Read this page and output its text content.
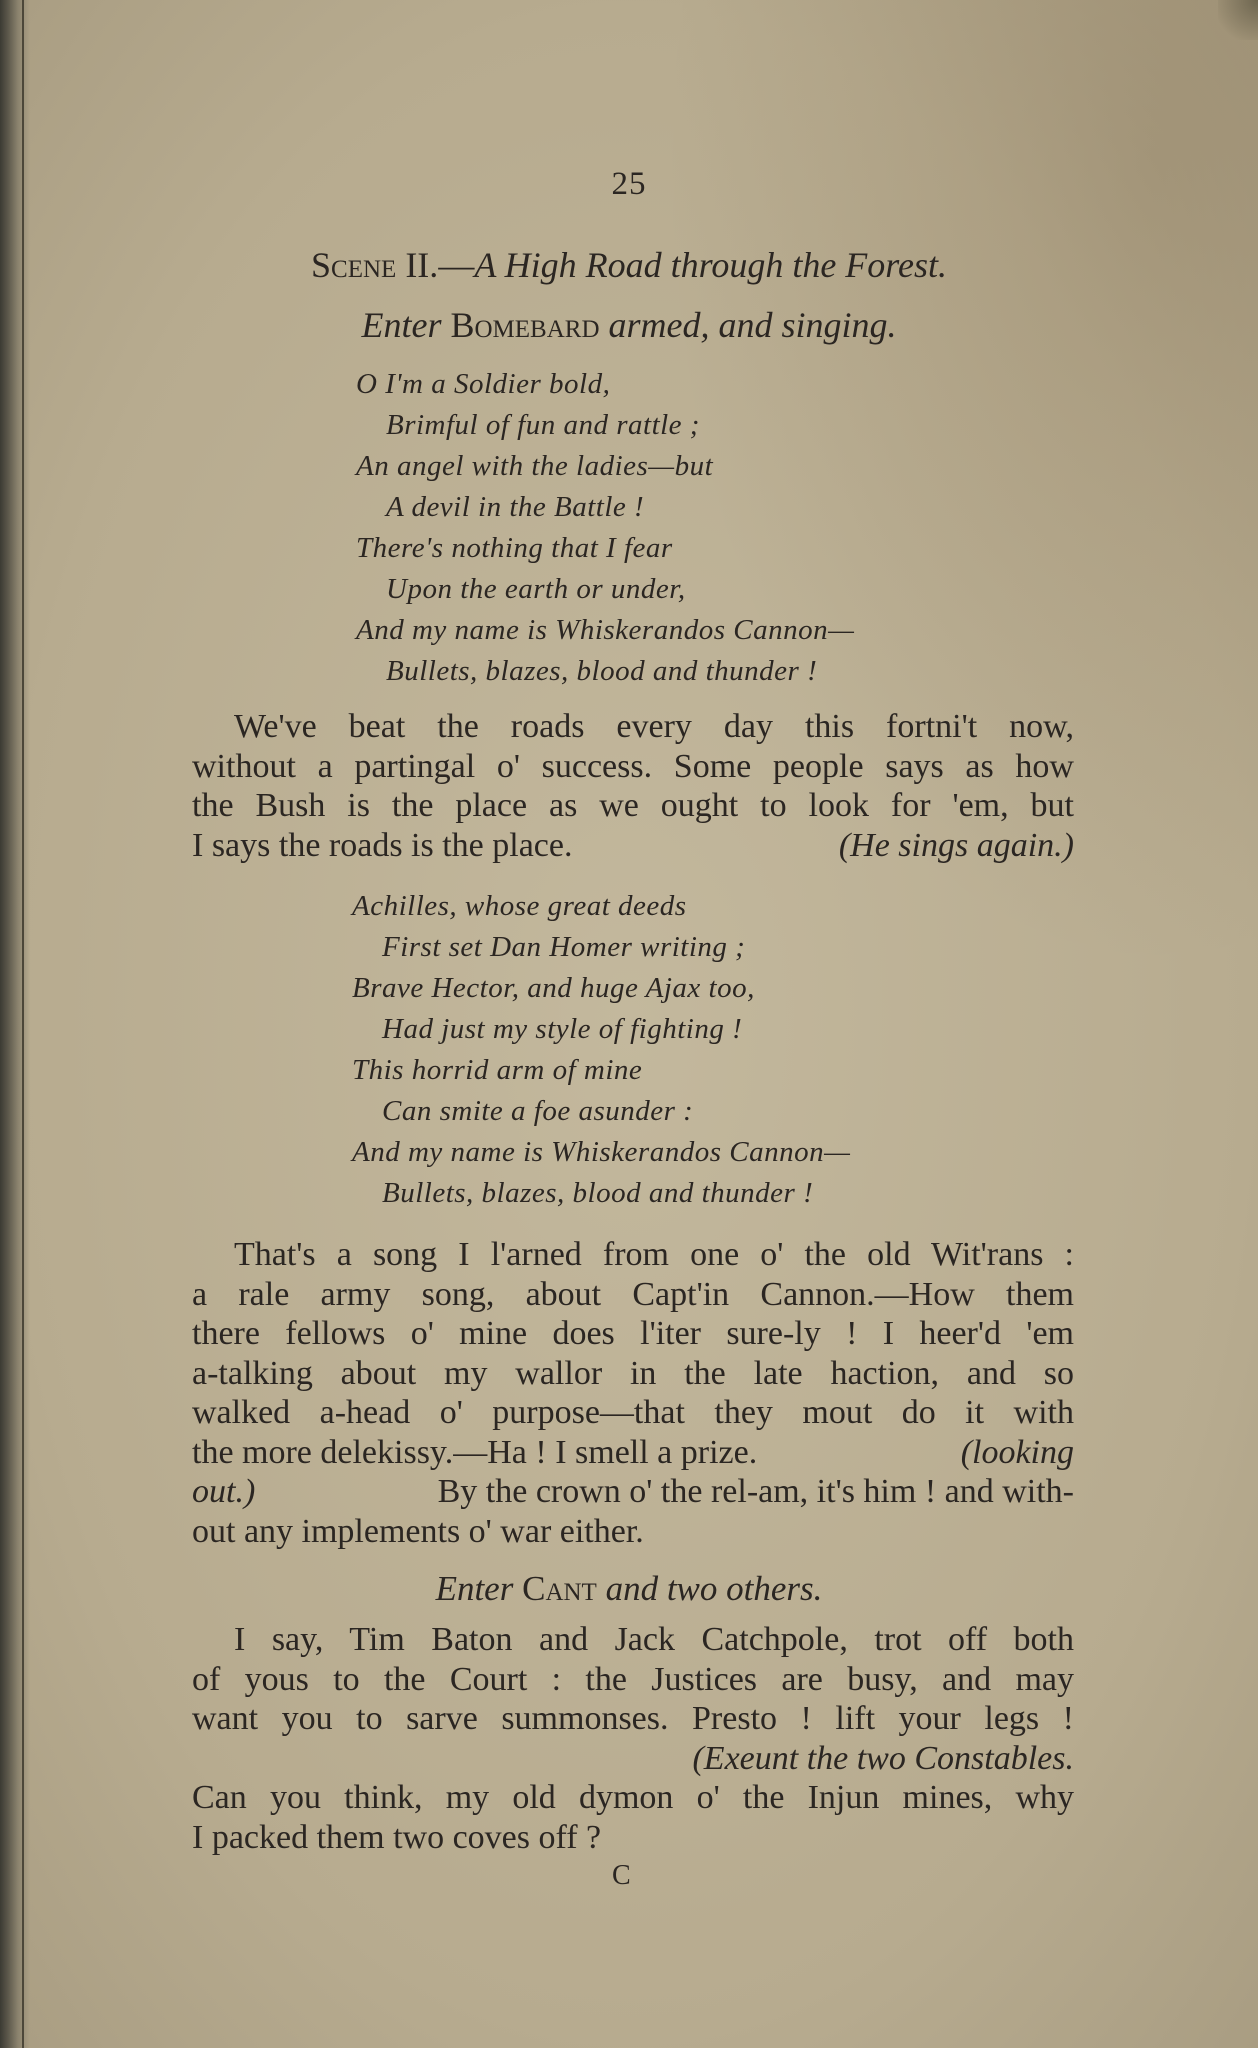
25
Scene II.—A High Road through the Forest.
Enter Bomebard armed, and singing.
O I'm a Soldier bold,
Brimful of fun and rattle ;
An angel with the ladies—but
A devil in the Battle !
There's nothing that I fear
Upon the earth or under,
And my name is Whiskerandos Cannon—
Bullets, blazes, blood and thunder !
We've beat the roads every day this fortni't now,
without a partingal o' success. Some people says as how
the Bush is the place as we ought to look for 'em, but
I says the roads is the place.	(He sings again.)
Achilles, whose great deeds
First set Dan Homer writing ;
Brave Hector, and huge Ajax too,
Had just my style of fighting !
This horrid arm of mine
Can smite a foe asunder :
And my name is Whiskerandos Cannon—
Bullets, blazes, blood and thunder !
That's a song I l'arned from one o' the old Wit'rans :
a rale army song, about Capt'in Cannon.—How them
there fellows o' mine does l'iter sure-ly ! I heer'd 'em
a-talking about my wallor in the late haction, and so
walked a-head o' purpose—that they mout do it with
the more delekissy.—Ha ! I smell a prize.	(looking
out.)	By the crown o' the rel-am, it's him ! and with-
out any implements o' war either.
Enter Cant and two others.
I say, Tim Baton and Jack Catchpole, trot off both
of yous to the Court : the Justices are busy, and may
want you to sarve summonses. Presto ! lift your legs !
(Exeunt the two Constables.
Can you think, my old dymon o' the Injun mines, why
I packed them two coves off ?
C
